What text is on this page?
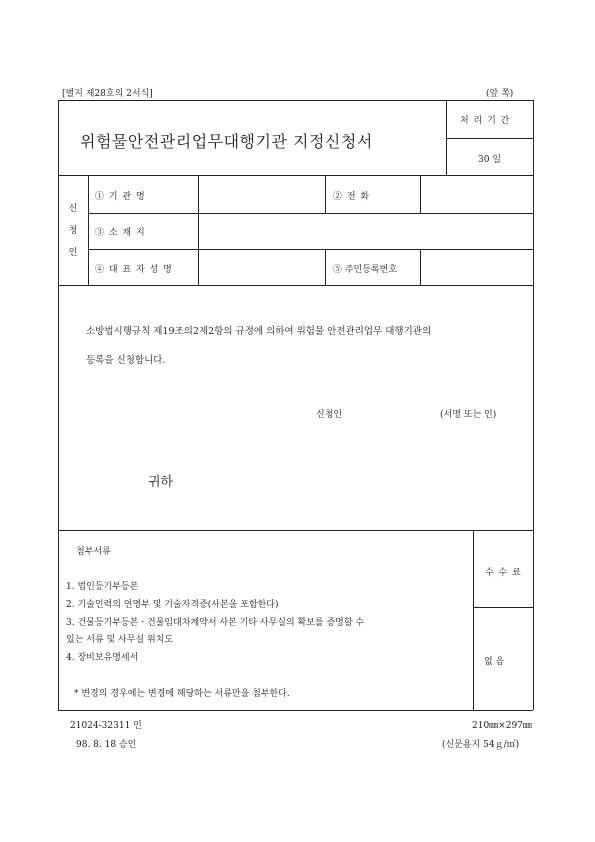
[별지 제28호의 2서식]	(앞 쪽)
위험물안전관리업무대행기관 지정신청서
처 리 기 간
30 일
신
청
인
① 기 관 명	② 전 화
③ 소 재 지
④ 대 표 자 성 명	⑤ 주민등록번호
소방법시행규칙 제19조의2제2항의 규정에 의하여 위험물 안전관리업무 대행기관의
등록을 신청합니다.
신청인	(서명 또는 인)
귀하
첨부서류
1. 법인등기부등본
2. 기술인력의 연명부 및 기술자격증(사본을 포함한다)
3. 건물등기부등본ㆍ건물임대차계약서 사본 기타 사무실의 확보를 증명할 수
있는 서류 및 사무실 위치도
4. 장비보유명세서
* 변경의 경우에는 변경에 해당하는 서류만을 첨부한다.
수 수 료
없 음
21024-32311 민	210㎜×297㎜
98. 8. 18 승인	(신문용지 54ｇ/㎡)
